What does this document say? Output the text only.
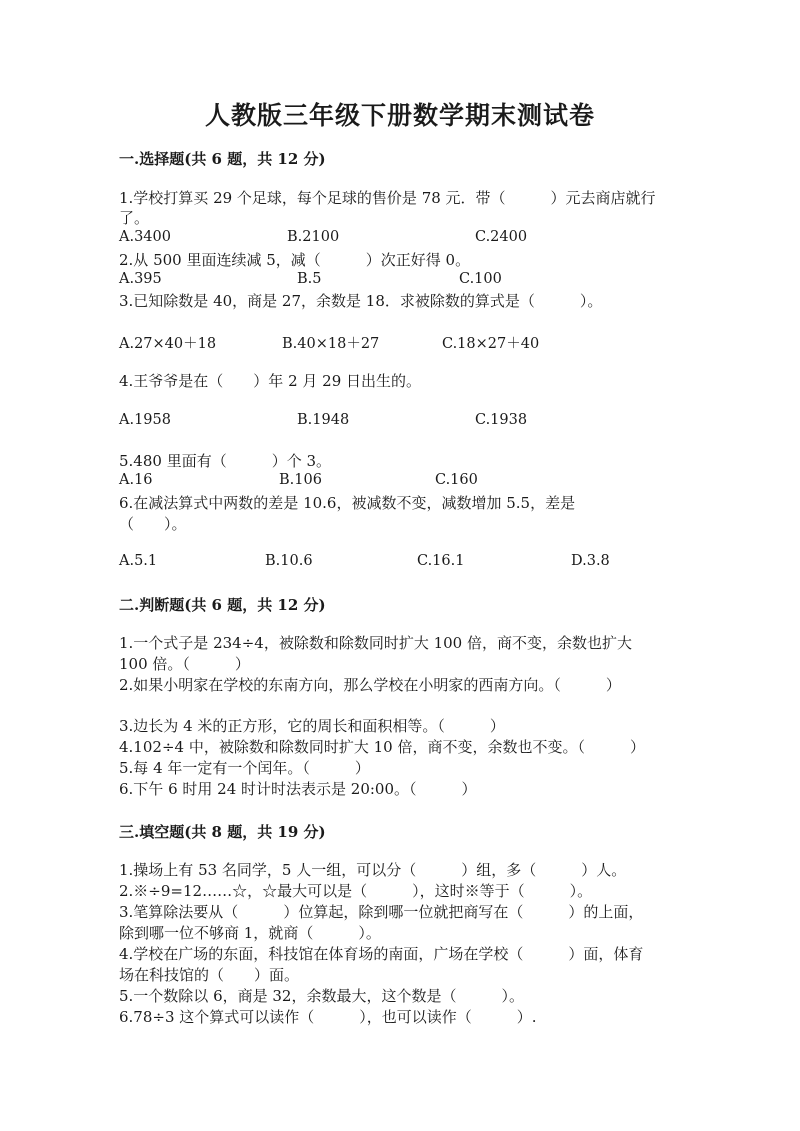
人教版三年级下册数学期末测试卷
一.选择题(共 6 题，共 12 分)
1.学校打算买 29 个足球，每个足球的售价是 78 元．带（　　　）元去商店就行
了。
A.3400	B.2100	C.2400
2.从 500 里面连续减 5，减（　　　）次正好得 0。
A.395	B.5	C.100
3.已知除数是 40，商是 27，余数是 18．求被除数的算式是（　　　）。
A.27×40＋18	B.40×18＋27	C.18×27＋40
4.王爷爷是在（　　）年 2 月 29 日出生的。
A.1958	B.1948	C.1938
5.480 里面有（　　　）个 3。
A.16	B.106	C.160
6.在减法算式中两数的差是 10.6，被减数不变，减数增加 5.5，差是
（　　）。
A.5.1	B.10.6	C.16.1	D.3.8
二.判断题(共 6 题，共 12 分)
1.一个式子是 234÷4，被除数和除数同时扩大 100 倍，商不变，余数也扩大
100 倍。（　　　）
2.如果小明家在学校的东南方向，那么学校在小明家的西南方向。（　　　）
3.边长为 4 米的正方形，它的周长和面积相等。（　　　）
4.102÷4 中，被除数和除数同时扩大 10 倍，商不变，余数也不变。（　　　）
5.每 4 年一定有一个闰年。（　　　）
6.下午 6 时用 24 时计时法表示是 20:00。（　　　）
三.填空题(共 8 题，共 19 分)
1.操场上有 53 名同学，5 人一组，可以分（　　　）组，多（　　　）人。
2.※÷9=12……☆，☆最大可以是（　　　），这时※等于（　　　）。
3.笔算除法要从（　　　）位算起，除到哪一位就把商写在（　　　）的上面，
除到哪一位不够商 1，就商（　　　）。
4.学校在广场的东面，科技馆在体育场的南面，广场在学校（　　　）面，体育
场在科技馆的（　　）面。
5.一个数除以 6，商是 32，余数最大，这个数是（　　　）。
6.78÷3 这个算式可以读作（　　　），也可以读作（　　　）.
